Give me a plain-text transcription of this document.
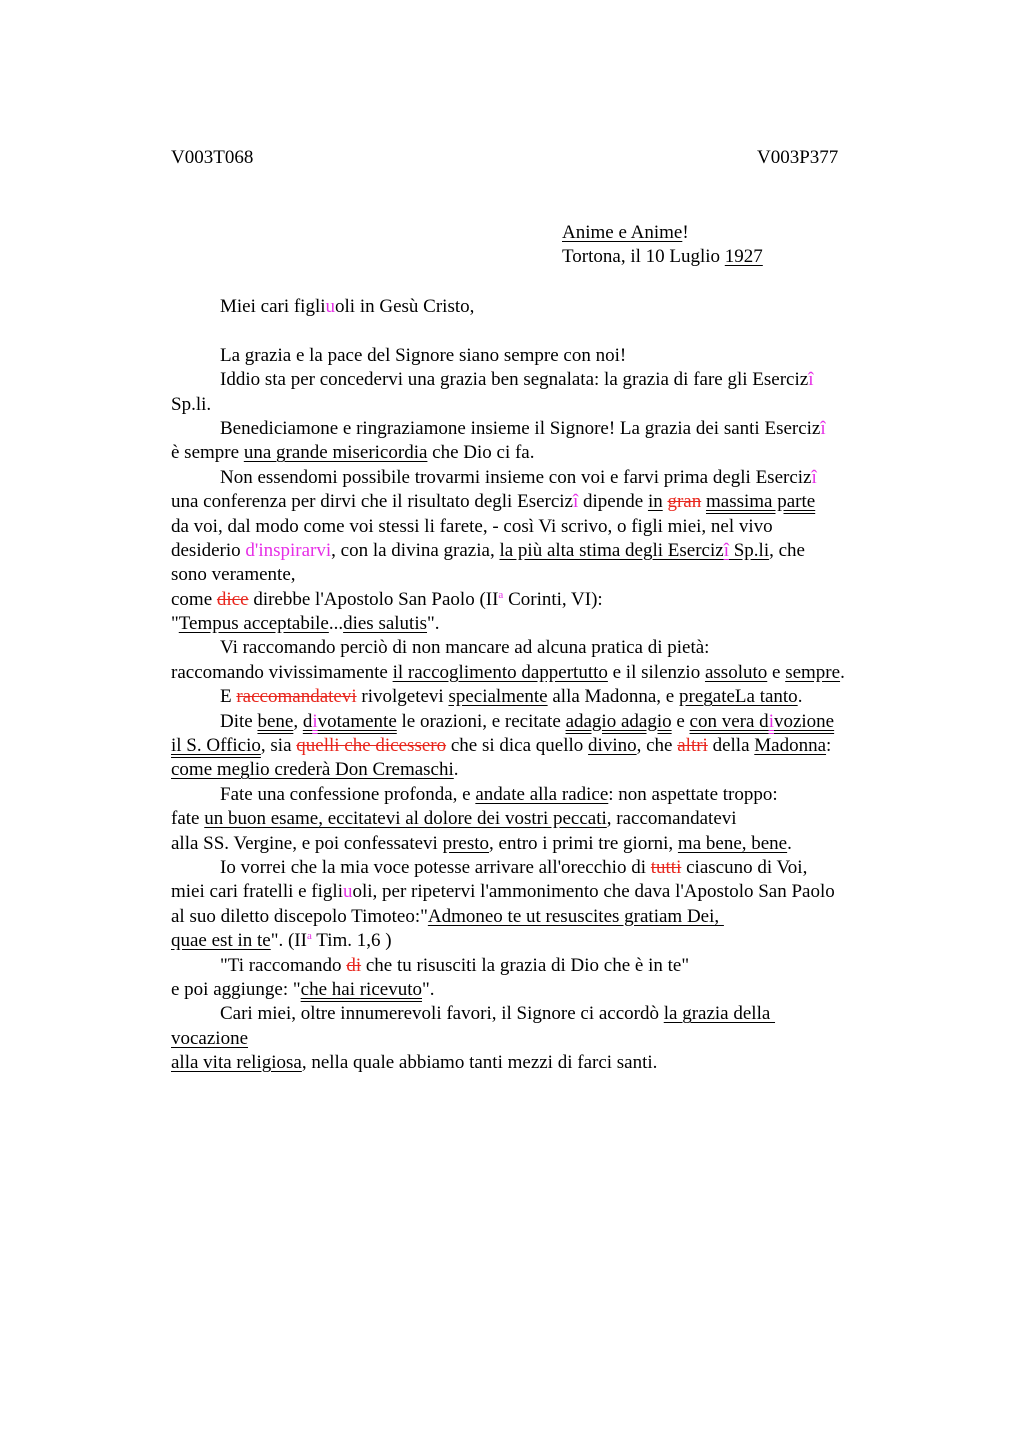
V003T068	V003P377
Anime e Anime!
Tortona, il 10 Luglio 1927
Miei cari figliuoli in Gesù Cristo,
La grazia e la pace del Signore siano sempre con noi!
Iddio sta per concedervi una grazia ben segnalata: la grazia di fare gli Esercizî
Sp.li.
Benediciamone e ringraziamone insieme il Signore! La grazia dei santi Esercizî
è sempre una grande misericordia che Dio ci fa.
Non essendomi possibile trovarmi insieme con voi e farvi prima degli Esercizî
una conferenza per dirvi che il risultato degli Esercizî dipende in gran massima parte
da voi, dal modo come voi stessi li farete, - così Vi scrivo, o figli miei, nel vivo
desiderio d'inspirarvi, con la divina grazia, la più alta stima degli Esercizî Sp.li, che
sono veramente,
come dice direbbe l'Apostolo San Paolo ($II^a$ Corinti, VI):
"Tempus acceptabile...dies salutis".
Vi raccomando perciò di non mancare ad alcuna pratica di pietà:
raccomando vivissimamente il raccoglimento dappertutto e il silenzio assoluto e sempre.
E raccomandatevi rivolgetevi specialmente alla Madonna, e pregateLa tanto.
Dite bene, divotamente le orazioni, e recitate adagio adagio e con vera divozione
il S. Officio, sia quelli che dicessero che si dica quello divino, che altri della Madonna:
come meglio crederà Don Cremaschi.
Fate una confessione profonda, e andate alla radice: non aspettate troppo:
fate un buon esame, eccitatevi al dolore dei vostri peccati, raccomandatevi
alla SS. Vergine, e poi confessatevi presto, entro i primi tre giorni, ma bene, bene.
Io vorrei che la mia voce potesse arrivare all'orecchio di tutti ciascuno di Voi,
miei cari fratelli e figliuoli, per ripetervi l'ammonimento che dava l'Apostolo San Paolo
al suo diletto discepolo Timoteo:"Admoneo te ut resuscites gratiam Dei,
quae est in te". ($II^a$ Tim. 1,6 )
"Ti raccomando di che tu risusciti la grazia di Dio che è in te"
e poi aggiunge: "che hai ricevuto".
Cari miei, oltre innumerevoli favori, il Signore ci accordò la grazia della
vocazione
alla vita religiosa, nella quale abbiamo tanti mezzi di farci santi.
